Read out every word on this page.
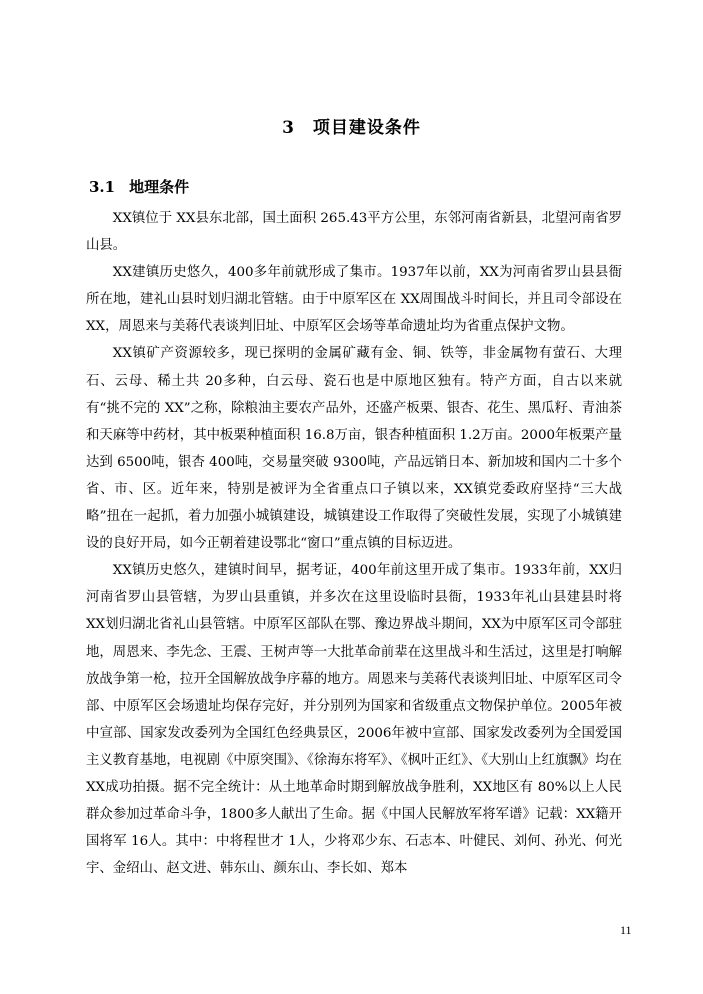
3 项目建设条件
3.1 地理条件

XX镇位于 XX县东北部，国土面积 265.43平方公里，东邻河南省新县，北望河南省罗山县。

XX建镇历史悠久，400多年前就形成了集市。1937年以前，XX为河南省罗山县县衙所在地，建礼山县时划归湖北管辖。由于中原军区在 XX周围战斗时间长，并且司令部设在 XX，周恩来与美蒋代表谈判旧址、中原军区会场等革命遗址均为省重点保护文物。

XX镇矿产资源较多，现已探明的金属矿藏有金、铜、铁等，非金属物有萤石、大理石、云母、稀土共 20多种，白云母、瓷石也是中原地区独有。特产方面，自古以来就有“挑不完的 XX”之称，除粮油主要农产品外，还盛产板栗、银杏、花生、黑瓜籽、青油茶和天麻等中药材，其中板栗种植面积 16.8万亩，银杏种植面积 1.2万亩。2000年板栗产量达到 6500吨，银杏 400吨，交易量突破 9300吨，产品远销日本、新加坡和国内二十多个省、市、区。近年来，特别是被评为全省重点口子镇以来，XX镇党委政府坚持“三大战略”扭在一起抓，着力加强小城镇建设，城镇建设工作取得了突破性发展，实现了小城镇建设的良好开局，如今正朝着建设鄂北“窗口”重点镇的目标迈进。

XX镇历史悠久，建镇时间早，据考证，400年前这里开成了集市。1933年前，XX归河南省罗山县管辖，为罗山县重镇，并多次在这里设临时县衙，1933年礼山县建县时将 XX划归湖北省礼山县管辖。中原军区部队在鄂、豫边界战斗期间，XX为中原军区司令部驻地，周恩来、李先念、王震、王树声等一大批革命前辈在这里战斗和生活过，这里是打响解放战争第一枪，拉开全国解放战争序幕的地方。周恩来与美蒋代表谈判旧址、中原军区司令部、中原军区会场遗址均保存完好，并分别列为国家和省级重点文物保护单位。2005年被中宣部、国家发改委列为全国红色经典景区，2006年被中宣部、国家发改委列为全国爱国主义教育基地，电视剧《中原突围》、《徐海东将军》、《枫叶正红》、《大别山上红旗飘》均在 XX成功拍摄。据不完全统计：从土地革命时期到解放战争胜利，XX地区有 80%以上人民群众参加过革命斗争，1800多人献出了生命。据《中国人民解放军将军谱》记载：XX籍开国将军 16人。其中：中将程世才 1人，少将邓少东、石志本、叶健民、刘何、孙光、何光宇、金绍山、赵文进、韩东山、颜东山、李长如、郑本

11
